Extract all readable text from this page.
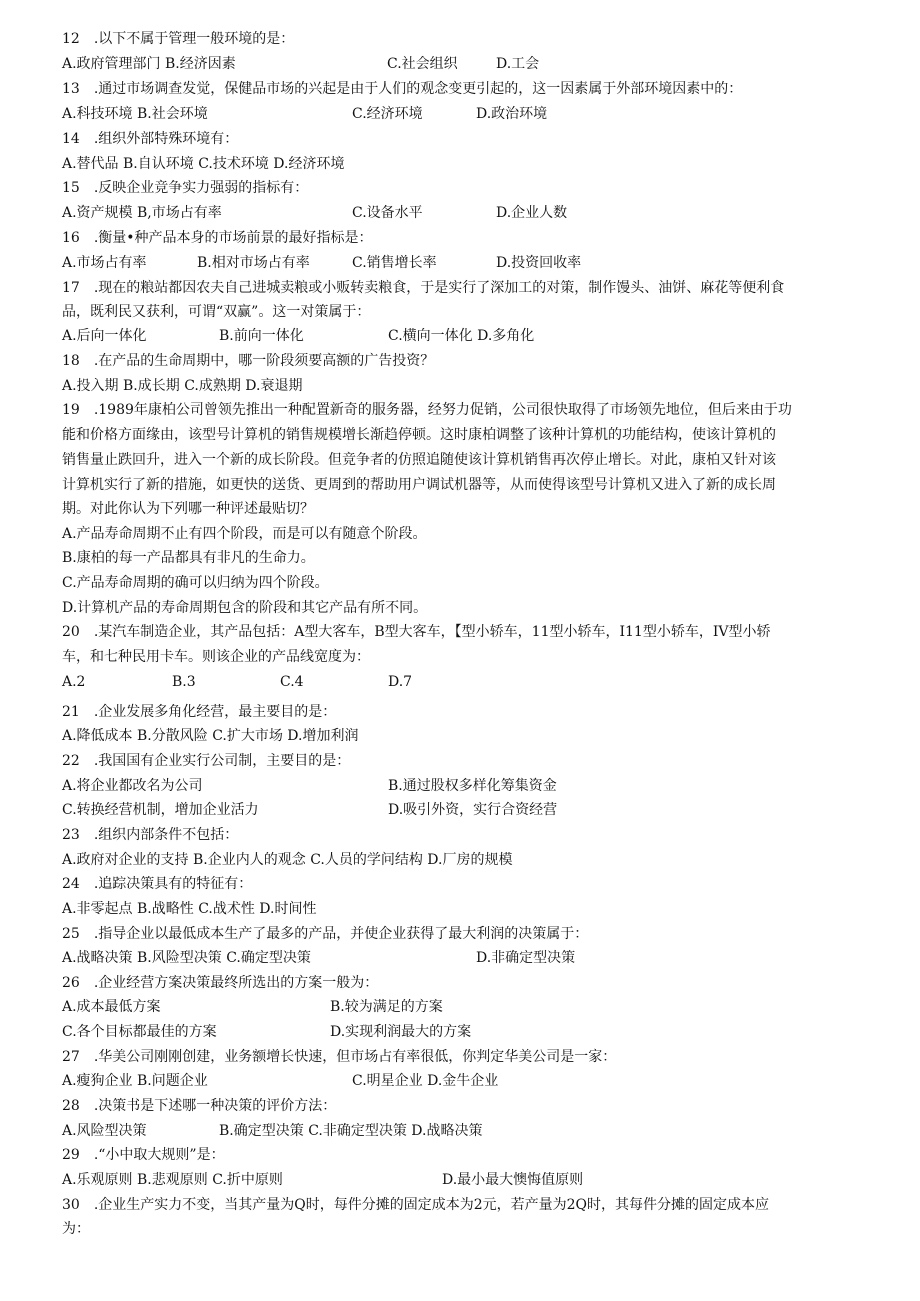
12　.以下不属于管理一般环境的是：
A.政府管理部门 B.经济因素	C.社会组织	D.工会
13　.通过市场调查发觉，保健品市场的兴起是由于人们的观念变更引起的，这一因素属于外部环境因素中的：
A.科技环境 B.社会环境	C.经济环境	D.政治环境
14　.组织外部特殊环境有：
A.替代品 B.自认环境 C.技术环境 D.经济环境
15　.反映企业竞争实力强弱的指标有：
A.资产规模 B,市场占有率	C.设备水平	D.企业人数
16　.衡量•种产品本身的市场前景的最好指标是：
A.市场占有率	B.相对市场占有率	C.销售增长率	D.投资回收率
17　.现在的粮站都因农夫自己进城卖粮或小贩转卖粮食，于是实行了深加工的对策，制作馒头、油饼、麻花等便利食
品，既利民又获利，可谓“双赢”。这一对策属于：
A.后向一体化	B.前向一体化	C.横向一体化 D.多角化
18　.在产品的生命周期中，哪一阶段须要高额的广告投资？
A.投入期 B.成长期 C.成熟期 D.衰退期
19　.1989年康柏公司曾领先推出一种配置新奇的服务器，经努力促销，公司很快取得了市场领先地位，但后来由于功
能和价格方面缘由，该型号计算机的销售规模增长渐趋停顿。这时康柏调整了该种计算机的功能结构，使该计算机的
销售量止跌回升，进入一个新的成长阶段。但竞争者的仿照追随使该计算机销售再次停止增长。对此，康柏又针对该
计算机实行了新的措施，如更快的送货、更周到的帮助用户调试机器等，从而使得该型号计算机又进入了新的成长周
期。对此你认为下列哪一种评述最贴切？
A.产品寿命周期不止有四个阶段，而是可以有随意个阶段。
B.康柏的每一产品都具有非凡的生命力。
C.产品寿命周期的确可以归纳为四个阶段。
D.计算机产品的寿命周期包含的阶段和其它产品有所不同。
20　.某汽车制造企业，其产品包括：A型大客车，B型大客车，【型小轿车，11型小轿车，I11型小轿车，IV型小轿
车，和七种民用卡车。则该企业的产品线宽度为：
A.2	B.3	C.4	D.7
21　.企业发展多角化经营，最主要目的是：
A.降低成本 B.分散风险 C.扩大市场 D.增加利润
22　.我国国有企业实行公司制，主要目的是：
A.将企业都改名为公司	B.通过股权多样化筹集资金
C.转换经营机制，增加企业活力	D.吸引外资，实行合资经营
23　.组织内部条件不包括：
A.政府对企业的支持 B.企业内人的观念 C.人员的学问结构 D.厂房的规模
24　.追踪决策具有的特征有：
A.非零起点 B.战略性 C.战术性 D.时间性
25　.指导企业以最低成本生产了最多的产品，并使企业获得了最大利润的决策属于：
A.战略决策 B.风险型决策 C.确定型决策	D.非确定型决策
26　.企业经营方案决策最终所选出的方案一般为：
A.成本最低方案	B.较为满足的方案
C.各个目标都最佳的方案	D.实现利润最大的方案
27　.华美公司刚刚创建，业务额增长快速，但市场占有率很低，你判定华美公司是一家：
A.瘦狗企业 B.问题企业	C.明星企业 D.金牛企业
28　.决策书是下述哪一种决策的评价方法：
A.风险型决策	B.确定型决策 C.非确定型决策 D.战略决策
29　.“小中取大规则”是：
A.乐观原则 B.悲观原则 C.折中原则	D.最小最大懊悔值原则
30　.企业生产实力不变，当其产量为Q时，每件分摊的固定成本为2元，若产量为2Q时，其每件分摊的固定成本应
为：
